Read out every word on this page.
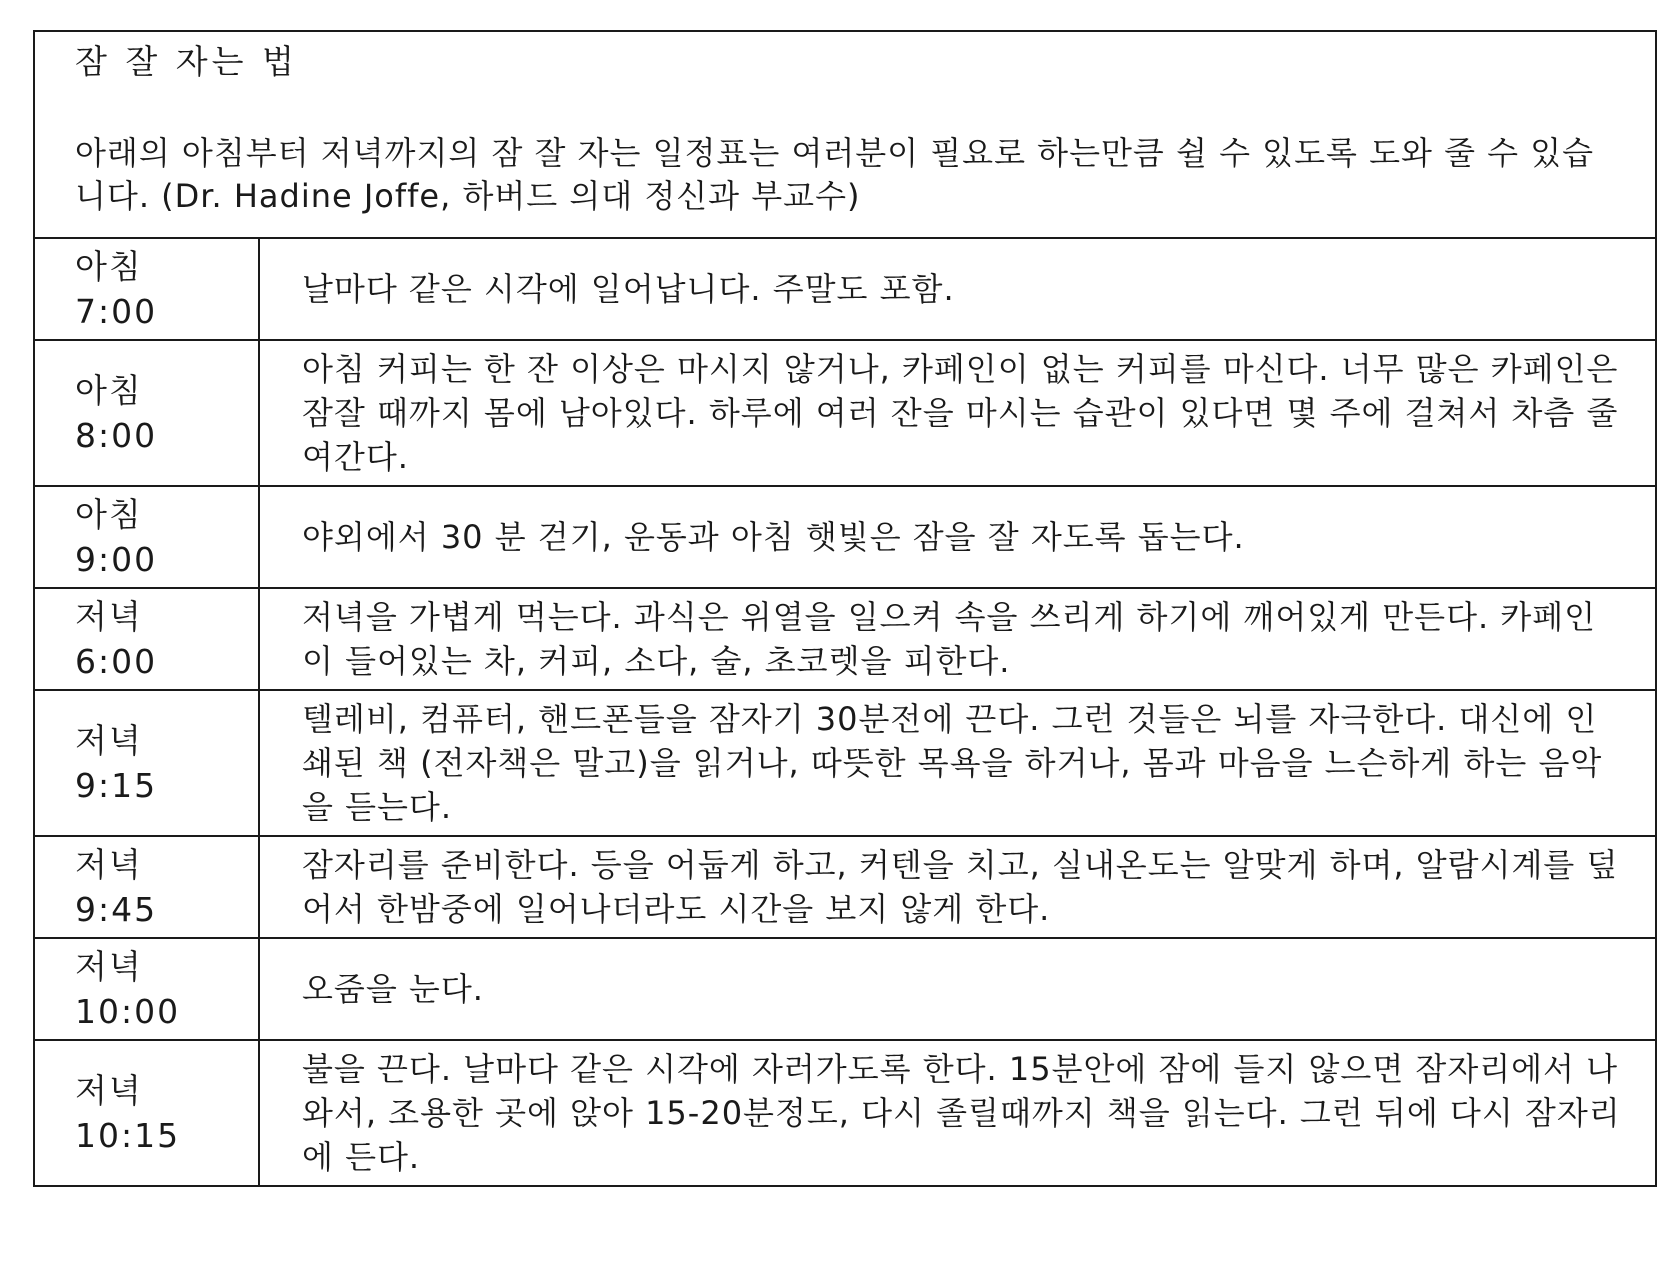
잠 잘 자는 법
아래의 아침부터 저녁까지의 잠 잘 자는 일정표는 여러분이 필요로 하는만큼 쉴 수 있도록 도와 줄 수 있습니다. (Dr. Hadine Joffe, 하버드 의대 정신과 부교수)	

아침
7:00	날마다 같은 시각에 일어납니다. 주말도 포함.

아침
8:00	아침 커피는 한 잔 이상은 마시지 않거나, 카페인이 없는 커피를 마신다. 너무 많은 카페인은 잠잘 때까지 몸에 남아있다. 하루에 여러 잔을 마시는 습관이 있다면 몇 주에 걸쳐서 차츰 줄여간다.

아침
9:00	야외에서 30 분 걷기, 운동과 아침 햇빛은 잠을 잘 자도록 돕는다.

저녁
6:00	저녁을 가볍게 먹는다. 과식은 위열을 일으켜 속을 쓰리게 하기에 깨어있게 만든다. 카페인이 들어있는 차, 커피, 소다, 술, 초코렛을 피한다.

저녁
9:15	텔레비, 컴퓨터, 핸드폰들을 잠자기 30분전에 끈다. 그런 것들은 뇌를 자극한다. 대신에 인쇄된 책 (전자책은 말고)을 읽거나, 따뜻한 목욕을 하거나, 몸과 마음을 느슨하게 하는 음악을 듣는다.

저녁
9:45	잠자리를 준비한다. 등을 어둡게 하고, 커텐을 치고, 실내온도는 알맞게 하며, 알람시계를 덮어서 한밤중에 일어나더라도 시간을 보지 않게 한다.

저녁
10:00	오줌을 눈다.

저녁
10:15	불을 끈다. 날마다 같은 시각에 자러가도록 한다. 15분안에 잠에 들지 않으면 잠자리에서 나와서, 조용한 곳에 앉아 15-20분정도, 다시 졸릴때까지 책을 읽는다. 그런 뒤에 다시 잠자리에 든다.
